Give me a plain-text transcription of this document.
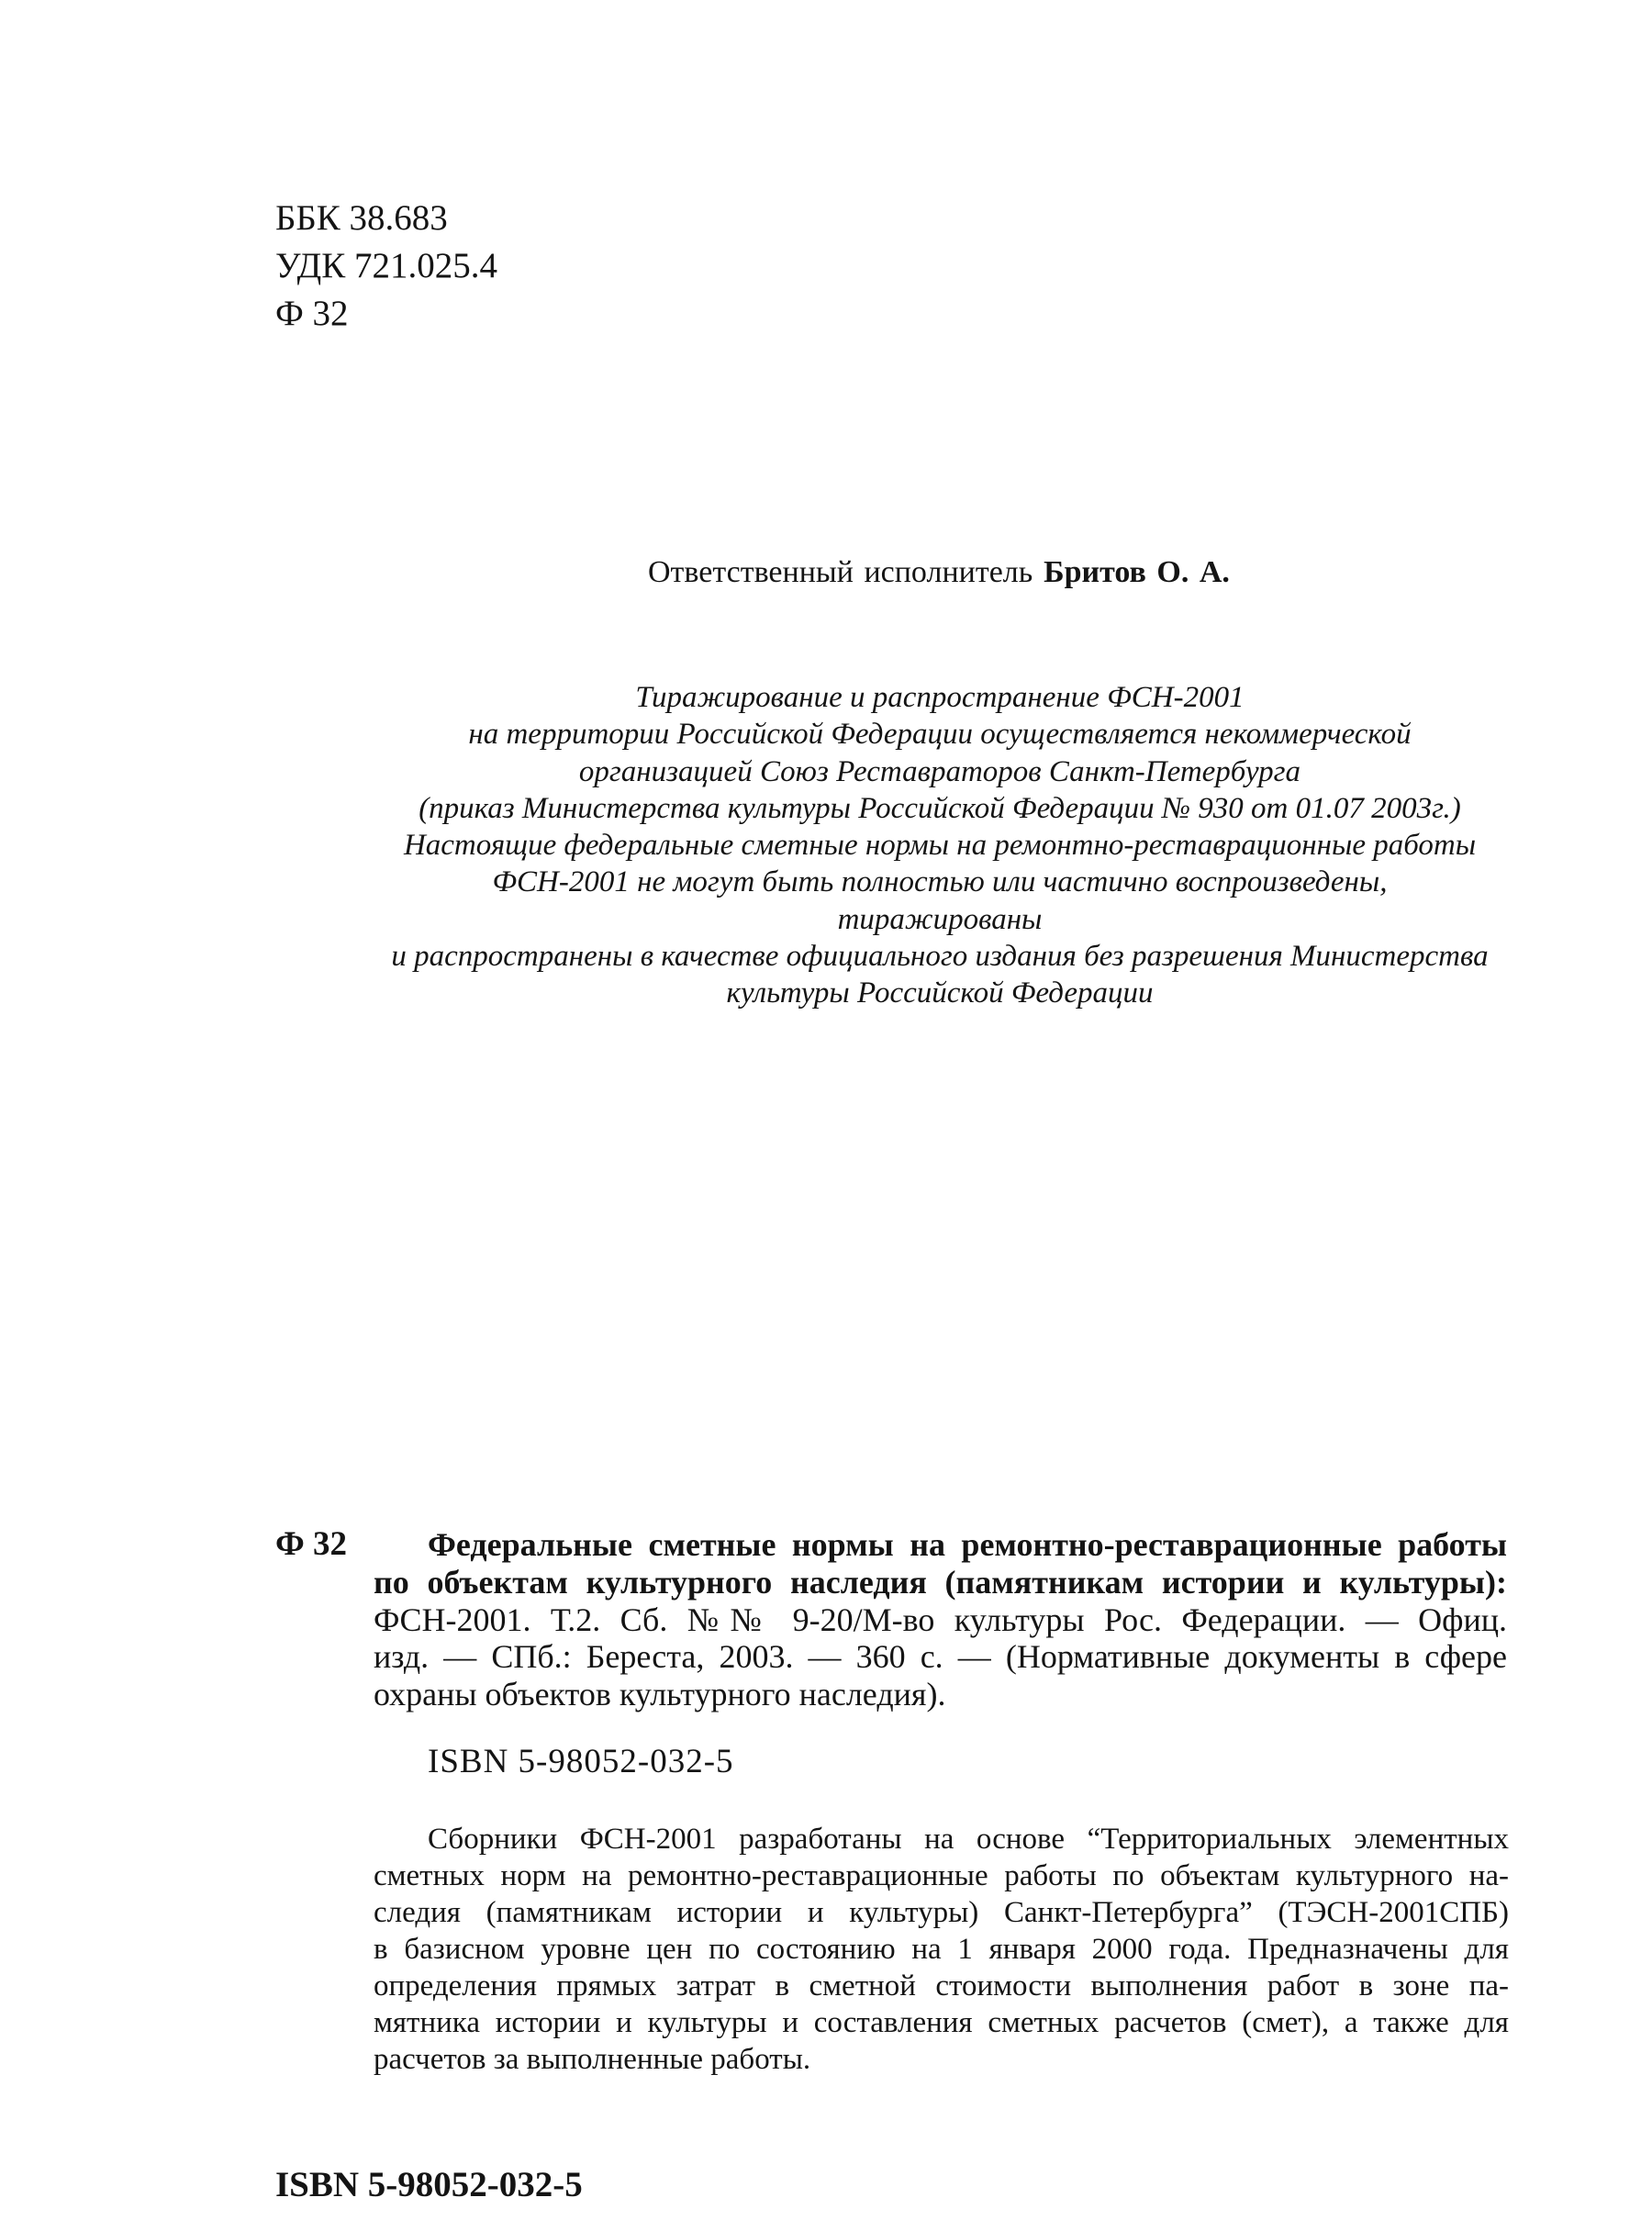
ББК 38.683
УДК 721.025.4
Ф 32
Ответственный исполнитель Бритов О. А.
Тиражирование и распространение ФСН-2001
на территории Российской Федерации осуществляется некоммерческой
организацией Союз Реставраторов Санкт-Петербурга
(приказ Министерства культуры Российской Федерации № 930 от 01.07 2003г.)
Настоящие федеральные сметные нормы на ремонтно-реставрационные работы
ФСН-2001 не могут быть полностью или частично воспроизведены, тиражированы
и распространены в качестве официального издания без разрешения Министерства
культуры Российской Федерации
Ф 32 Федеральные сметные нормы на ремонтно-реставрационные работы
по объектам культурного наследия (памятникам истории и культуры):
ФСН-2001. Т.2. Сб. №№ 9-20/М-во культуры Рос. Федерации. — Офиц.
изд. — СПб.: Береста, 2003. — 360 с. — (Нормативные документы в сфере
охраны объектов культурного наследия).
ISBN 5-98052-032-5
Сборники ФСН-2001 разработаны на основе “Территориальных элементных
сметных норм на ремонтно-реставрационные работы по объектам культурного на-
следия (памятникам истории и культуры) Санкт-Петербурга” (ТЭСН-2001СПБ)
в базисном уровне цен по состоянию на 1 января 2000 года. Предназначены для
определения прямых затрат в сметной стоимости выполнения работ в зоне па-
мятника истории и культуры и составления сметных расчетов (смет), а также для
расчетов за выполненные работы.
ISBN 5-98052-032-5
